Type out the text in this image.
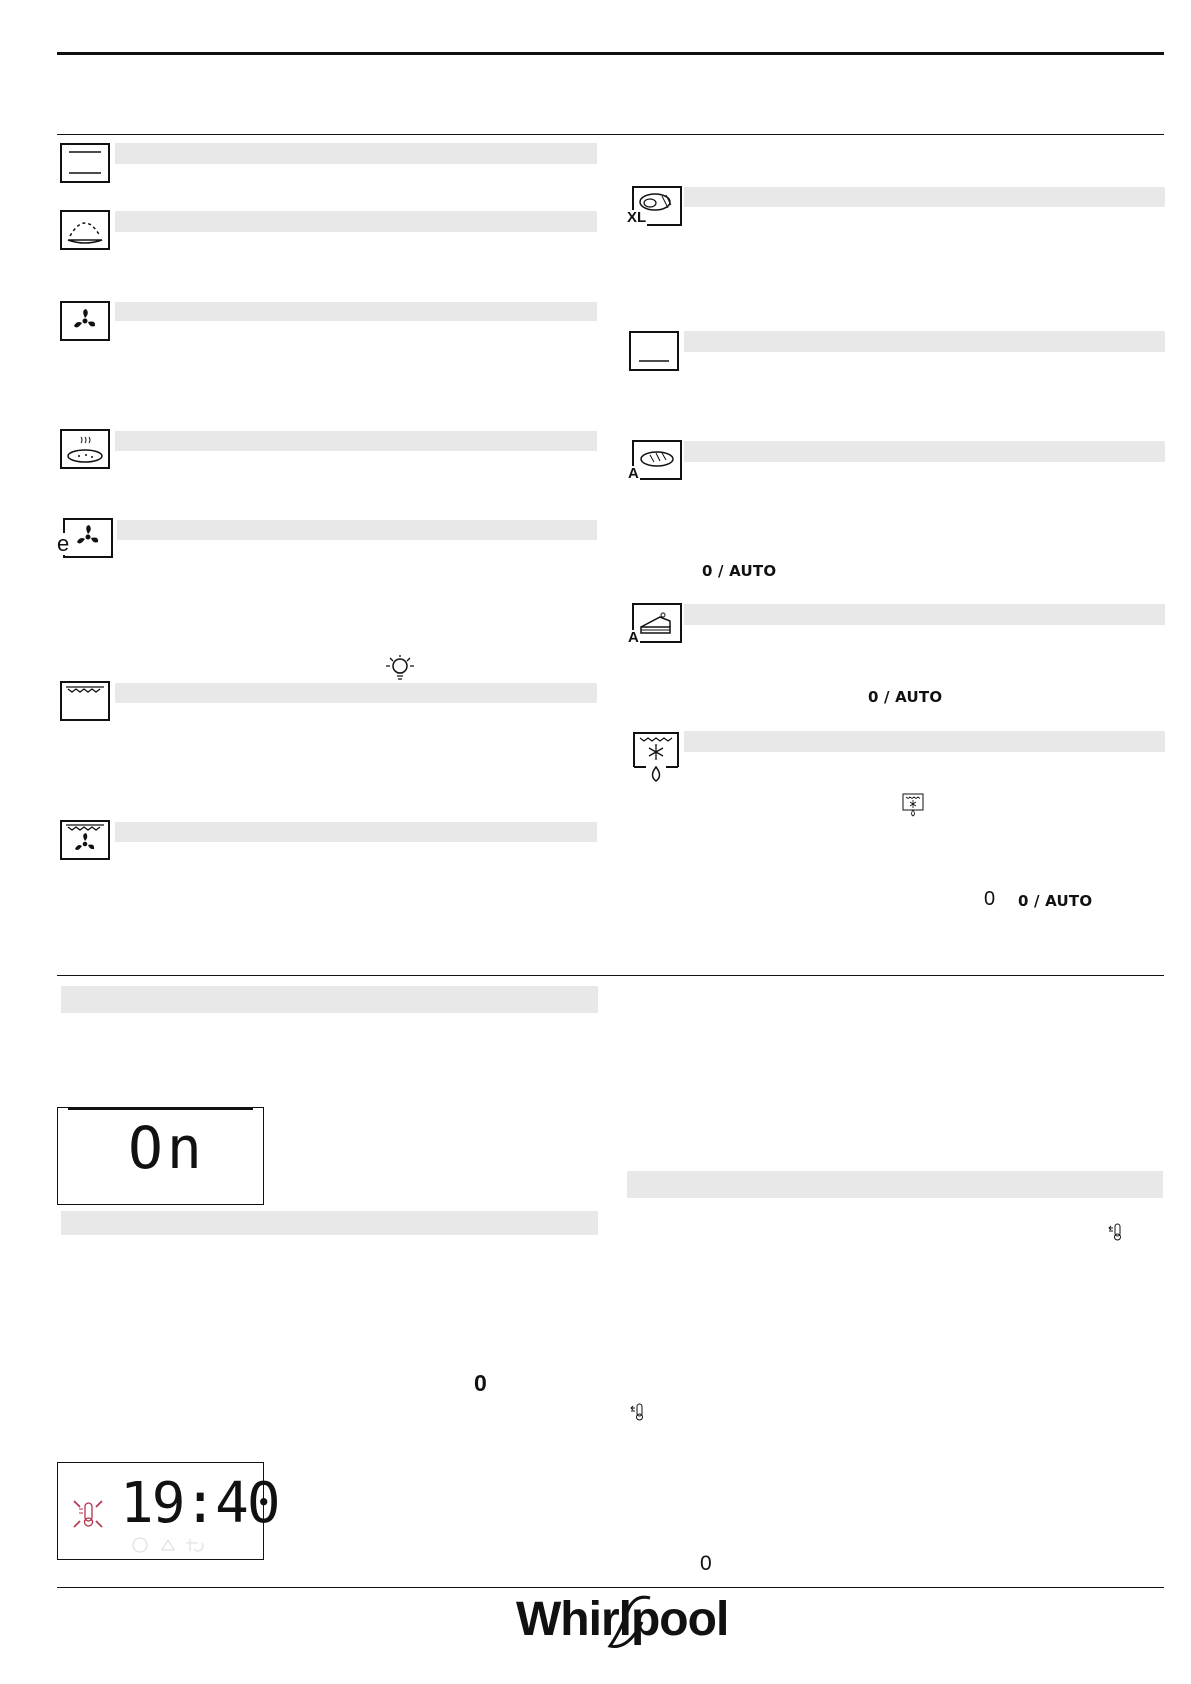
e
XL
A
0 / AUTO
A
0 / AUTO
0 0 / AUTO
On
0
19:40
0
Whirlpool
